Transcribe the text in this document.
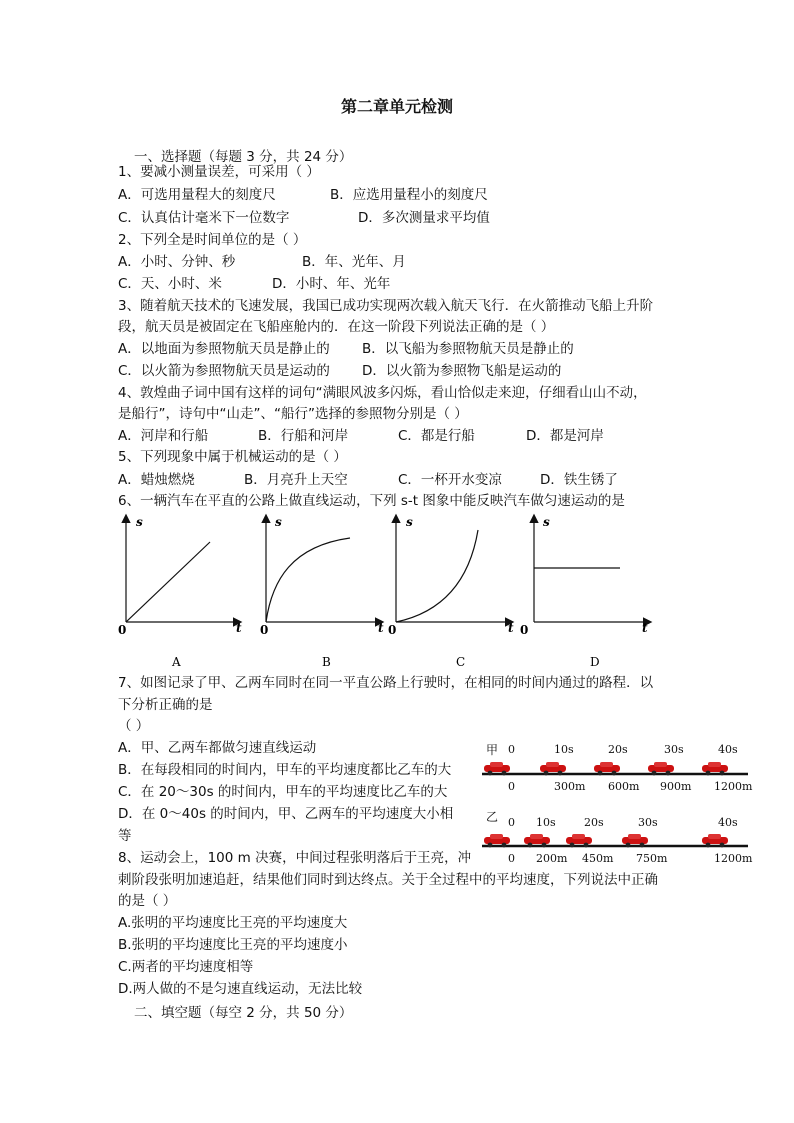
第二章单元检测
一、选择题（每题 3 分，共 24 分）
1、要减小测量误差，可采用（ ）
A．可选用量程大的刻度尺	B．应选用量程小的刻度尺
C．认真估计毫米下一位数字	D．多次测量求平均值
2、下列全是时间单位的是（ ）
A．小时、分钟、秒	B．年、光年、月
C．天、小时、米	D．小时、年、光年
3、随着航天技术的飞速发展，我国已成功实现两次载入航天飞行．在火箭推动飞船上升阶
段，航天员是被固定在飞船座舱内的．在这一阶段下列说法正确的是（ ）
A．以地面为参照物航天员是静止的 B．以飞船为参照物航天员是静止的
C．以火箭为参照物航天员是运动的 D．以火箭为参照物飞船是运动的
4、敦煌曲子词中国有这样的词句“满眼风波多闪烁，看山恰似走来迎，仔细看山山不动，
是船行”，诗句中“山走”、“船行”选择的参照物分别是（ ）
A．河岸和行船	B．行船和河岸	C．都是行船	D．都是河岸
5、下列现象中属于机械运动的是（ ）
A．蜡烛燃烧	B．月亮升上天空	C．一杯开水变凉	D．铁生锈了
6、一辆汽车在平直的公路上做直线运动，下列 s-t 图象中能反映汽车做匀速运动的是
s
t
0
A
s
t
0
B
s
t
0
C
s
t
0
D
7、如图记录了甲、乙两车同时在同一平直公路上行驶时，在相同的时间内通过的路程．以
下分析正确的是
（ ）
A．甲、乙两车都做匀速直线运动
B．在每段相同的时间内，甲车的平均速度都比乙车的大
C．在 20～30s 的时间内，甲车的平均速度比乙车的大
D．在 0～40s 的时间内，甲、乙两车的平均速度大小相
等
甲 0	10s	20s	30s	40s
0	300m 600m 900m 1200m
乙 0 10s	20s	30s	40s
0 200m 450m 750m	1200m
8、运动会上，100 m 决赛，中间过程张明落后于王亮，冲
刺阶段张明加速追赶，结果他们同时到达终点。关于全过程中的平均速度，下列说法中正确
的是（ ）
A.张明的平均速度比王亮的平均速度大
B.张明的平均速度比王亮的平均速度小
C.两者的平均速度相等
D.两人做的不是匀速直线运动，无法比较
二、填空题（每空 2 分，共 50 分）
